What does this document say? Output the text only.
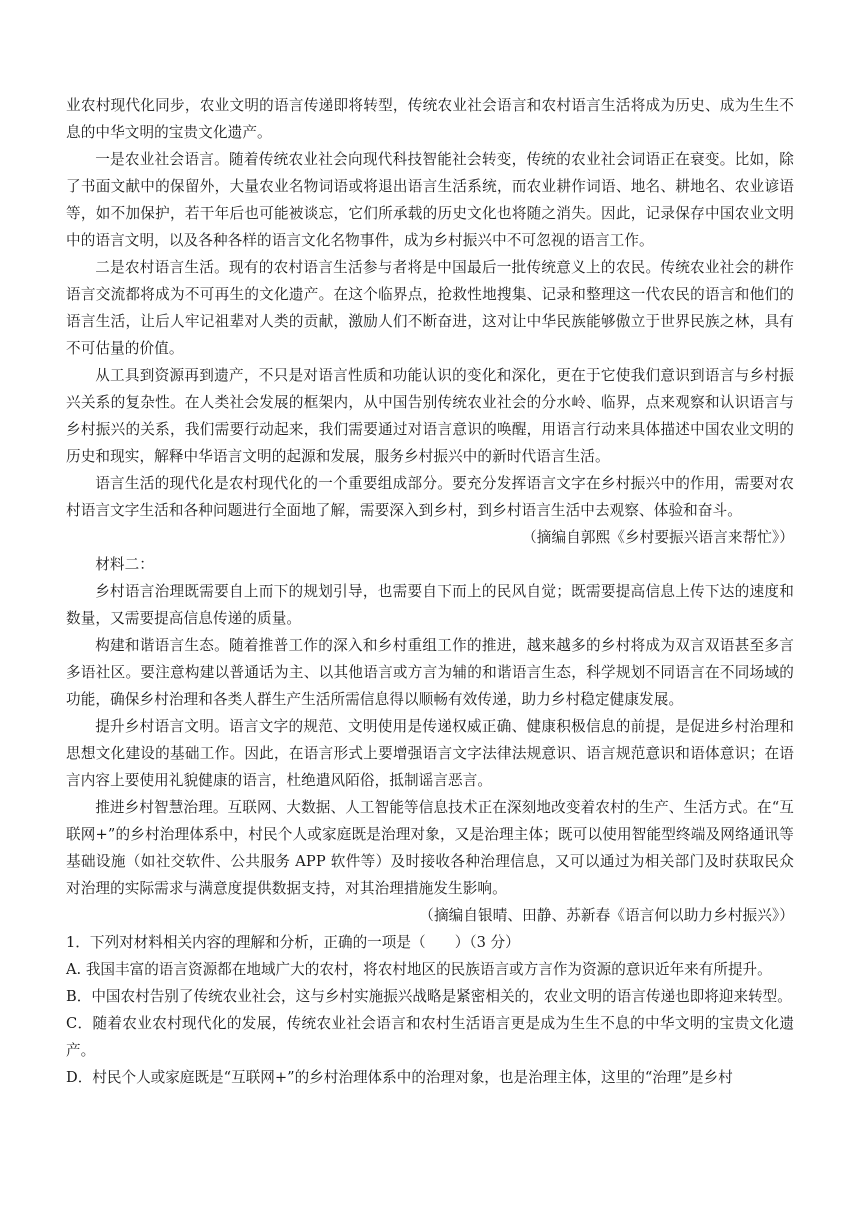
业农村现代化同步，农业文明的语言传递即将转型，传统农业社会语言和农村语言生活将成为历史、成为生生不息的中华文明的宝贵文化遗产。

一是农业社会语言。随着传统农业社会向现代科技智能社会转变，传统的农业社会词语正在衰变。比如，除了书面文献中的保留外，大量农业名物词语或将退出语言生活系统，而农业耕作词语、地名、耕地名、农业谚语等，如不加保护，若干年后也可能被谈忘，它们所承载的历史文化也将随之消失。因此，记录保存中国农业文明中的语言文明，以及各种各样的语言文化名物事件，成为乡村振兴中不可忽视的语言工作。

二是农村语言生活。现有的农村语言生活参与者将是中国最后一批传统意义上的农民。传统农业社会的耕作语言交流都将成为不可再生的文化遗产。在这个临界点，抢救性地搜集、记录和整理这一代农民的语言和他们的语言生活，让后人牢记祖辈对人类的贡献，激励人们不断奋进，这对让中华民族能够傲立于世界民族之林，具有不可估量的价值。

从工具到资源再到遗产，不只是对语言性质和功能认识的变化和深化，更在于它使我们意识到语言与乡村振兴关系的复杂性。在人类社会发展的框架内，从中国告别传统农业社会的分水岭、临界，点来观察和认识语言与乡村振兴的关系，我们需要行动起来，我们需要通过对语言意识的唤醒，用语言行动来具体描述中国农业文明的历史和现实，解释中华语言文明的起源和发展，服务乡村振兴中的新时代语言生活。

语言生活的现代化是农村现代化的一个重要组成部分。要充分发挥语言文字在乡村振兴中的作用，需要对农村语言文字生活和各种问题进行全面地了解，需要深入到乡村，到乡村语言生活中去观察、体验和奋斗。

（摘编自郭熙《乡村要振兴语言来帮忙》）

材料二：

乡村语言治理既需要自上而下的规划引导，也需要自下而上的民风自觉；既需要提高信息上传下达的速度和数量，又需要提高信息传递的质量。

构建和谐语言生态。随着推普工作的深入和乡村重组工作的推进，越来越多的乡村将成为双言双语甚至多言多语社区。要注意构建以普通话为主、以其他语言或方言为辅的和谐语言生态，科学规划不同语言在不同场域的功能，确保乡村治理和各类人群生产生活所需信息得以顺畅有效传递，助力乡村稳定健康发展。

提升乡村语言文明。语言文字的规范、文明使用是传递权威正确、健康积极信息的前提，是促进乡村治理和思想文化建设的基础工作。因此，在语言形式上要增强语言文字法律法规意识、语言规范意识和语体意识；在语言内容上要使用礼貌健康的语言，杜绝遣风陌俗，抵制谣言恶言。

推进乡村智慧治理。互联网、大数据、人工智能等信息技术正在深刻地改变着农村的生产、生活方式。在“互联网+”的乡村治理体系中，村民个人或家庭既是治理对象，又是治理主体；既可以使用智能型终端及网络通讯等基础设施（如社交软件、公共服务 APP 软件等）及时接收各种治理信息，又可以通过为相关部门及时获取民众对治理的实际需求与满意度提供数据支持，对其治理措施发生影响。

（摘编自银晴、田静、苏新春《语言何以助力乡村振兴》）

1．下列对材料相关内容的理解和分析，正确的一项是（　　）（3 分）

A. 我国丰富的语言资源都在地域广大的农村，将农村地区的民族语言或方言作为资源的意识近年来有所提升。

B．中国农村告别了传统农业社会，这与乡村实施振兴战略是紧密相关的，农业文明的语言传递也即将迎来转型。

C．随着农业农村现代化的发展，传统农业社会语言和农村生活语言更是成为生生不息的中华文明的宝贵文化遗产。

D．村民个人或家庭既是“互联网+”的乡村治理体系中的治理对象，也是治理主体，这里的“治理”是乡村
